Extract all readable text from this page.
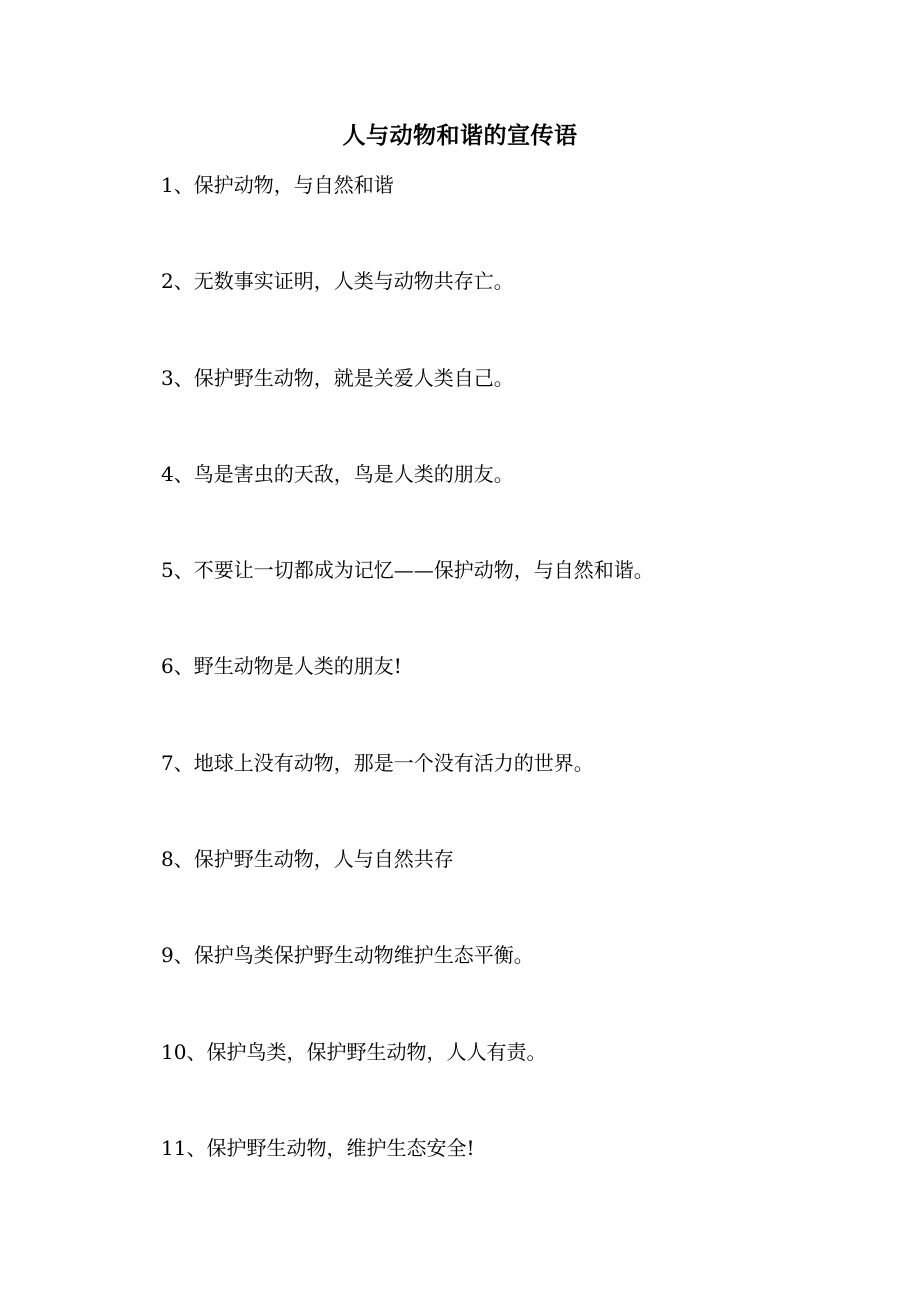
人与动物和谐的宣传语
1、保护动物，与自然和谐
2、无数事实证明，人类与动物共存亡。
3、保护野生动物，就是关爱人类自己。
4、鸟是害虫的天敌，鸟是人类的朋友。
5、不要让一切都成为记忆——保护动物，与自然和谐。
6、野生动物是人类的朋友!
7、地球上没有动物，那是一个没有活力的世界。
8、保护野生动物，人与自然共存
9、保护鸟类保护野生动物维护生态平衡。
10、保护鸟类，保护野生动物，人人有责。
11、保护野生动物，维护生态安全!
